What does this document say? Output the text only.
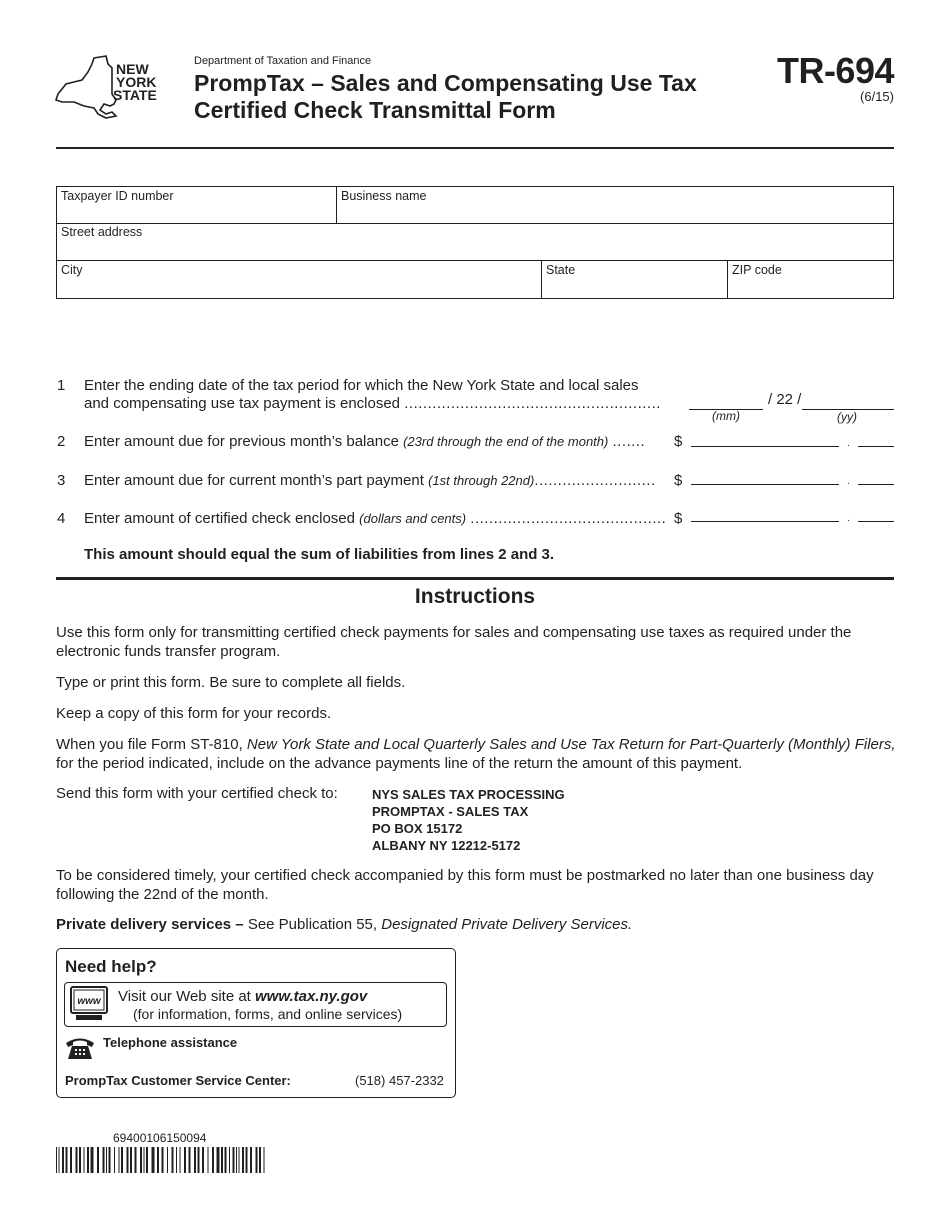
NEW
YORK
STATE
Department of Taxation and Finance
PrompTax – Sales and Compensating Use Tax
Certified Check Transmittal Form
TR-694
(6/15)
Taxpayer ID number	Business name
Street address
City	State	ZIP code
1 Enter the ending date of the tax period for which the New York State and local sales
and compensating use tax payment is enclosed .......................................................	/ 22 /
(mm)	(yy)
2 Enter amount due for previous month’s balance (23rd through the end of the month) ....... $	.
3 Enter amount due for current month’s part payment (1st through 22nd).......................... $	.
4 Enter amount of certified check enclosed (dollars and cents) .......................................... $	.
This amount should equal the sum of liabilities from lines 2 and 3.
Instructions
Use this form only for transmitting certified check payments for sales and compensating use taxes as required under the electronic funds transfer program.
Type or print this form. Be sure to complete all fields.
Keep a copy of this form for your records.
When you file Form ST-810, New York State and Local Quarterly Sales and Use Tax Return for Part-Quarterly (Monthly) Filers, for the period indicated, include on the advance payments line of the return the amount of this payment.
Send this form with your certified check to:	NYS SALES TAX PROCESSING
PROMPTAX - SALES TAX
PO BOX 15172
ALBANY NY 12212-5172
To be considered timely, your certified check accompanied by this form must be postmarked no later than one business day following the 22nd of the month.
Private delivery services – See Publication 55, Designated Private Delivery Services.
Need help?
www Visit our Web site at www.tax.ny.gov
(for information, forms, and online services)
Telephone assistance
PrompTax Customer Service Center:	(518) 457-2332
69400106150094
